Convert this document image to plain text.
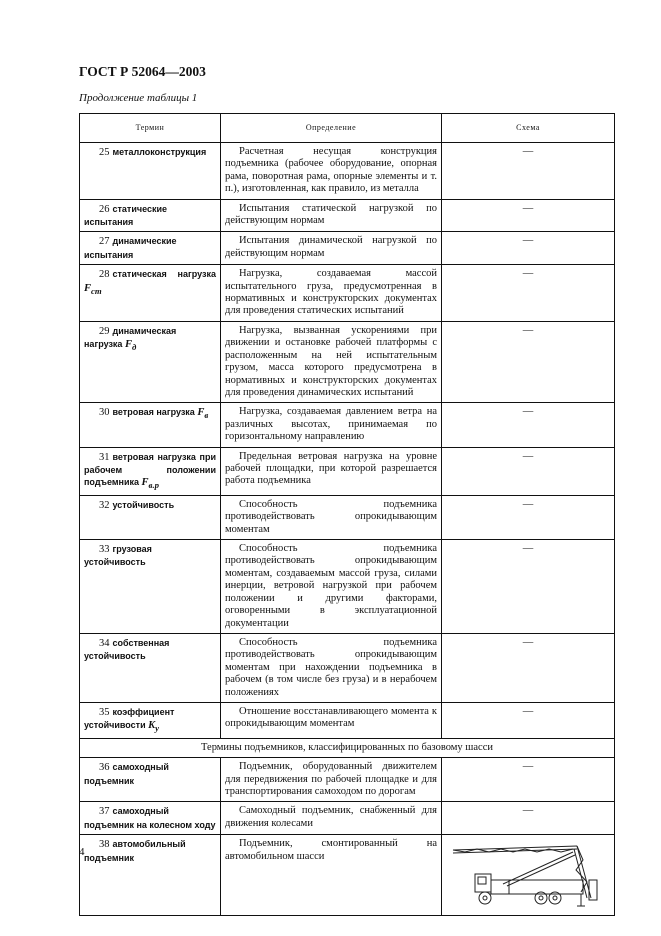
ГОСТ Р 52064—2003
Продолжение таблицы 1
Термин	Определение	Схема
25 металлоконструкция	Расчетная несущая конструкция подъемника (рабочее оборудование, опорная рама, поворотная рама, опорные элементы и т. п.), изготовленная, как правило, из металла	—
26 статические испытания	Испытания статической нагрузкой по действующим нормам	—
27 динамические испытания	Испытания динамической нагрузкой по действующим нормам	—
28 статическая нагрузка $F_{ст}$	Нагрузка, создаваемая массой испытательного груза, предусмотренная в нормативных и конструкторских документах для проведения статических испытаний	—
29 динамическая нагрузка $F_д$	Нагрузка, вызванная ускорениями при движении и остановке рабочей платформы с расположенным на ней испытательным грузом, масса которого предусмотрена в нормативных и конструкторских документах для проведения динамических испытаний	—
30 ветровая нагрузка $F_в$	Нагрузка, создаваемая давлением ветра на различных высотах, принимаемая по горизонтальному направлению	—
31 ветровая нагрузка при рабочем положении подъемника $F_{в.р}$	Предельная ветровая нагрузка на уровне рабочей площадки, при которой разрешается работа подъемника	—
32 устойчивость	Способность подъемника противодействовать опрокидывающим моментам	—
33 грузовая устойчивость	Способность подъемника противодействовать опрокидывающим моментам, создаваемым массой груза, силами инерции, ветровой нагрузкой при рабочем положении и другими факторами, оговоренными в эксплуатационной документации	—
34 собственная устойчивость	Способность подъемника противодействовать опрокидывающим моментам при нахождении подъемника в рабочем (в том числе без груза) и в нерабочем положениях	—
35 коэффициент устойчивости $K_у$	Отношение восстанавливающего момента к опрокидывающим моментам	—
Термины подъемников, классифицированных по базовому шасси		
36 самоходный подъемник	Подъемник, оборудованный движителем для передвижения по рабочей площадке и для транспортирования самоходом по дорогам	—
37 самоходный подъемник на колесном ходу	Самоходный подъемник, снабженный для движения колесами	—
38 автомобильный подъемник	Подъемник, смонтированный на автомобильном шасси	
4
